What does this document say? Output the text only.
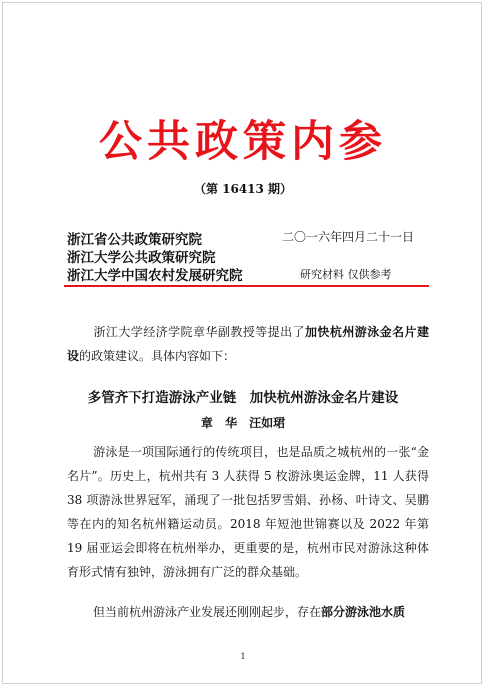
公共政策内参
（第 16413 期）
浙江省公共政策研究院
浙江大学公共政策研究院
浙江大学中国农村发展研究院
二〇一六年四月二十一日
研究材料 仅供参考
浙江大学经济学院章华副教授等提出了加快杭州游泳金名片建设的政策建议。具体内容如下：
多管齐下打造游泳产业链　加快杭州游泳金名片建设
章 华　汪如珺
游泳是一项国际通行的传统项目，也是品质之城杭州的一张“金名片”。历史上，杭州共有 3 人获得 5 枚游泳奥运金牌，11 人获得 38 项游泳世界冠军，涌现了一批包括罗雪娟、孙杨、叶诗文、吴鹏等在内的知名杭州籍运动员。2018 年短池世锦赛以及 2022 年第 19 届亚运会即将在杭州举办，更重要的是，杭州市民对游泳这种体育形式情有独钟，游泳拥有广泛的群众基础。
但当前杭州游泳产业发展还刚刚起步，存在部分游泳池水质
1
